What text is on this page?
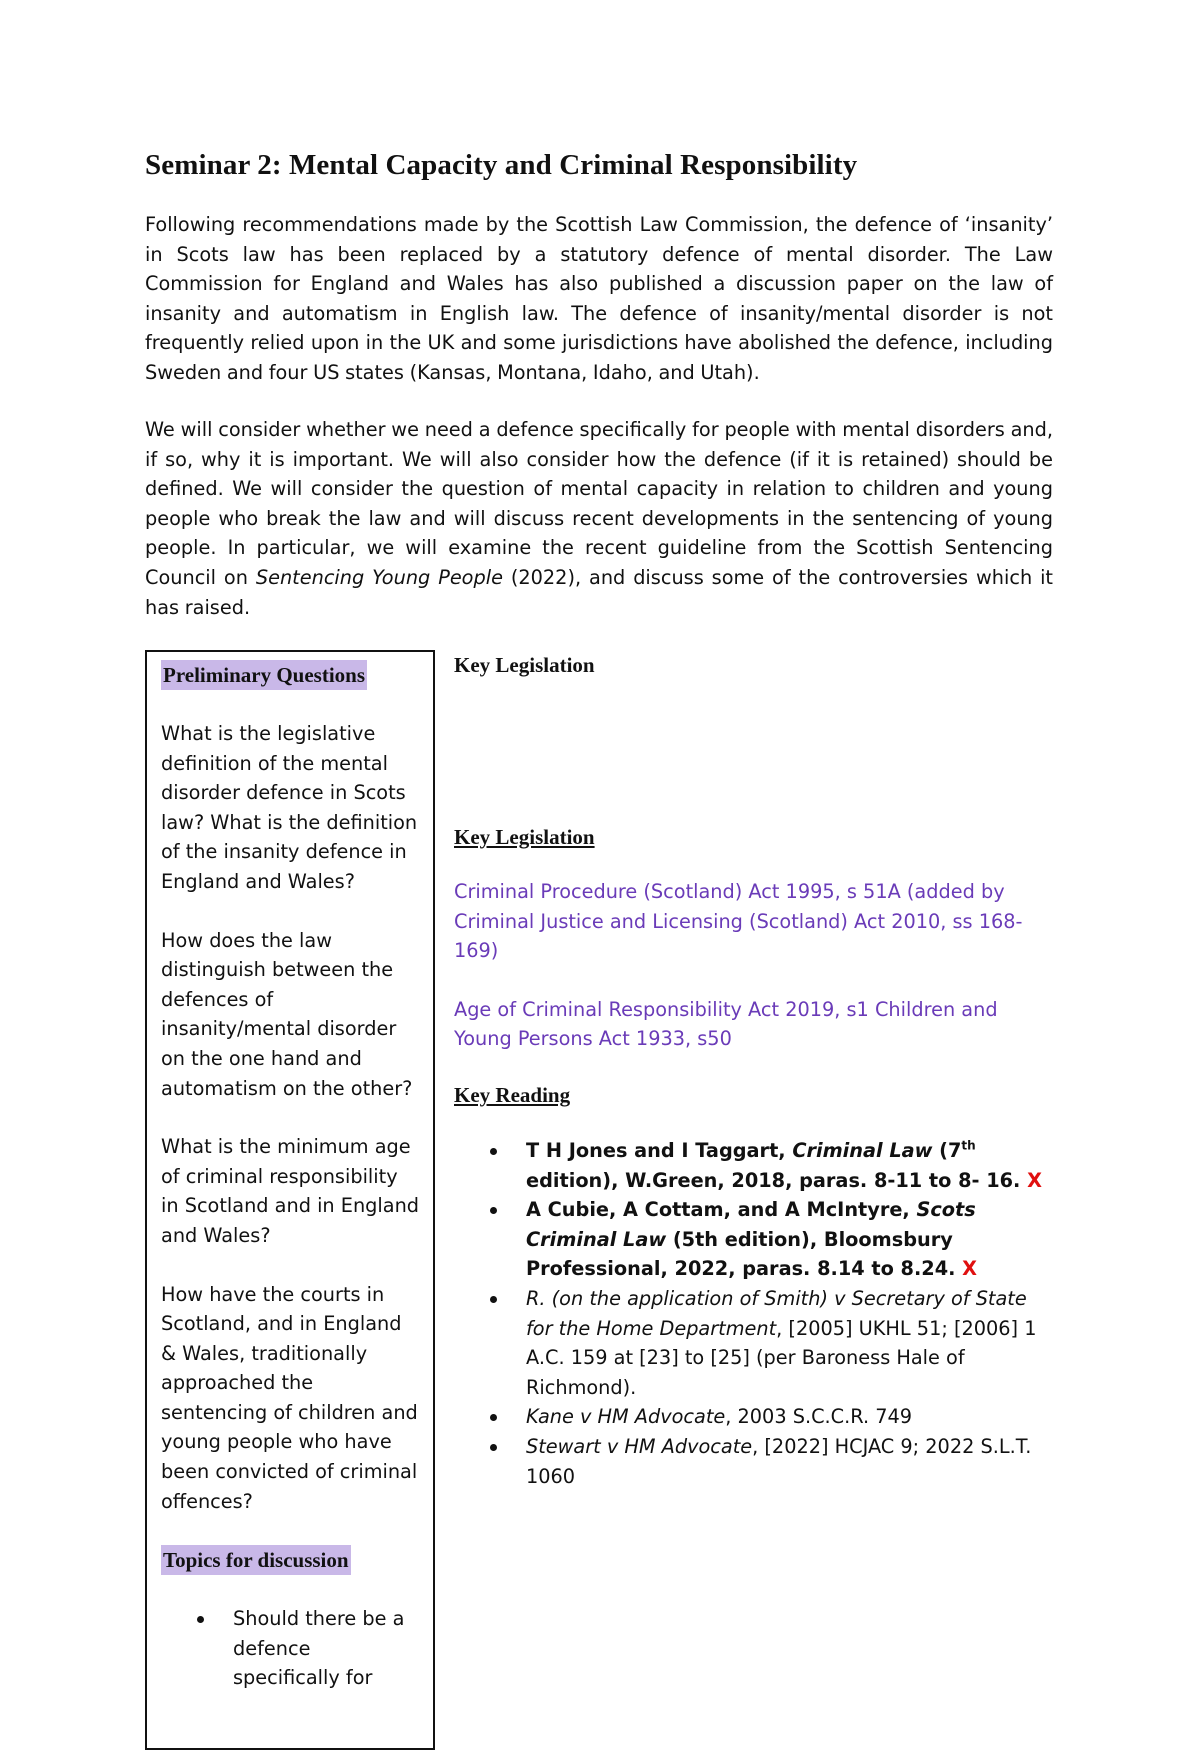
Seminar 2: Mental Capacity and Criminal Responsibility

Following recommendations made by the Scottish Law Commission, the defence of ‘insanity’ in Scots law has been replaced by a statutory defence of mental disorder. The Law Commission for England and Wales has also published a discussion paper on the law of insanity and automatism in English law. The defence of insanity/mental disorder is not frequently relied upon in the UK and some jurisdictions have abolished the defence, including Sweden and four US states (Kansas, Montana, Idaho, and Utah).

We will consider whether we need a defence specifically for people with mental disorders and, if so, why it is important. We will also consider how the defence (if it is retained) should be defined. We will consider the question of mental capacity in relation to children and young people who break the law and will discuss recent developments in the sentencing of young people. In particular, we will examine the recent guideline from the Scottish Sentencing Council on Sentencing Young People (2022), and discuss some of the controversies which it has raised.

Preliminary Questions

What is the legislative definition of the mental disorder defence in Scots law? What is the definition of the insanity defence in England and Wales?

How does the law distinguish between the defences of insanity/mental disorder on the one hand and automatism on the other?

What is the minimum age of criminal responsibility in Scotland and in England and Wales?

How have the courts in Scotland, and in England & Wales, traditionally approached the sentencing of children and young people who have been convicted of criminal offences?

Topics for discussion
Should there be a defence specifically for

Key Legislation

Key Legislation

Criminal Procedure (Scotland) Act 1995, s 51A (added by Criminal Justice and Licensing (Scotland) Act 2010, ss 168-169)

Age of Criminal Responsibility Act 2019, s1 Children and Young Persons Act 1933, s50

Key Reading

T H Jones and I Taggart, Criminal Law (7th edition), W.Green, 2018, paras. 8-11 to 8- 16. X
A Cubie, A Cottam, and A McIntyre, Scots Criminal Law (5th edition), Bloomsbury Professional, 2022, paras. 8.14 to 8.24. X
R. (on the application of Smith) v Secretary of State for the Home Department, [2005] UKHL 51; [2006] 1 A.C. 159 at [23] to [25] (per Baroness Hale of Richmond).
Kane v HM Advocate, 2003 S.C.C.R. 749
Stewart v HM Advocate, [2022] HCJAC 9; 2022 S.L.T. 1060
